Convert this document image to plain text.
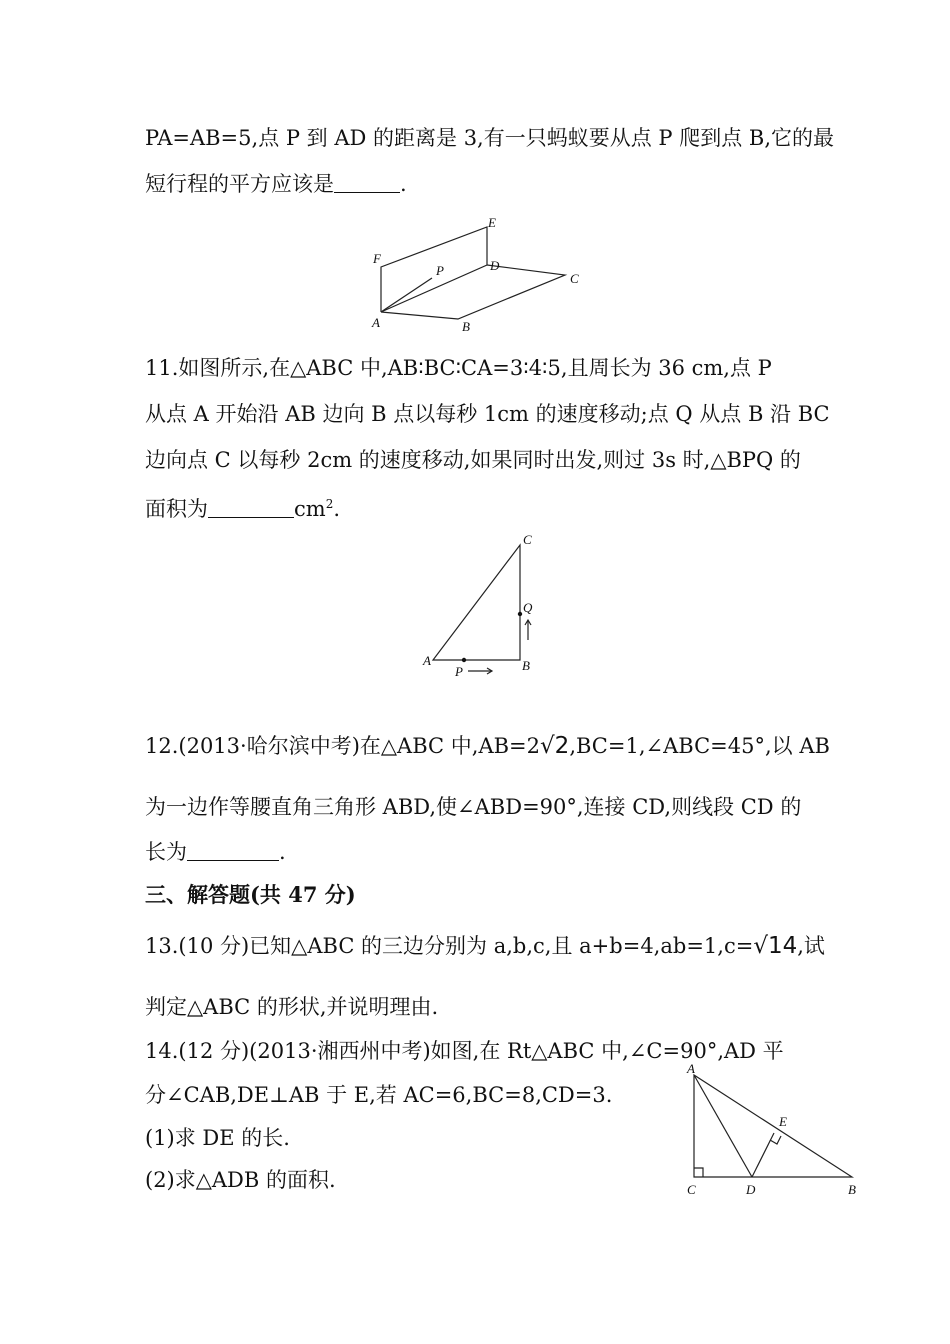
PA=AB=5,点 P 到 AD 的距离是 3,有一只蚂蚁要从点 P 爬到点 B,它的最
短行程的平方应该是	.
E
F
P	D
C
A	B
11.如图所示,在△ABC 中,AB∶BC∶CA=3∶4∶5,且周长为 36 cm,点 P
从点 A 开始沿 AB 边向 B 点以每秒 1cm 的速度移动;点 Q 从点 B 沿 BC
边向点 C 以每秒 2cm 的速度移动,如果同时出发,则过 3s 时,△BPQ 的
面积为	$cm^2$.
C
Q
A	B
P
12.(2013·哈尔滨中考)在△ABC 中,AB=2√2,BC=1,∠ABC=45°,以 AB
为一边作等腰直角三角形 ABD,使∠ABD=90°,连接 CD,则线段 CD 的
长为	.
三、解答题(共 47 分)
13.(10 分)已知△ABC 的三边分别为 a,b,c,且 a+b=4,ab=1,c=√14,试
判定△ABC 的形状,并说明理由.
14.(12 分)(2013·湘西州中考)如图,在 Rt△ABC 中,∠C=90°,AD 平
分∠CAB,DE⊥AB 于 E,若 AC=6,BC=8,CD=3.
(1)求 DE 的长.
(2)求△ADB 的面积.
A
E
C	D	B
